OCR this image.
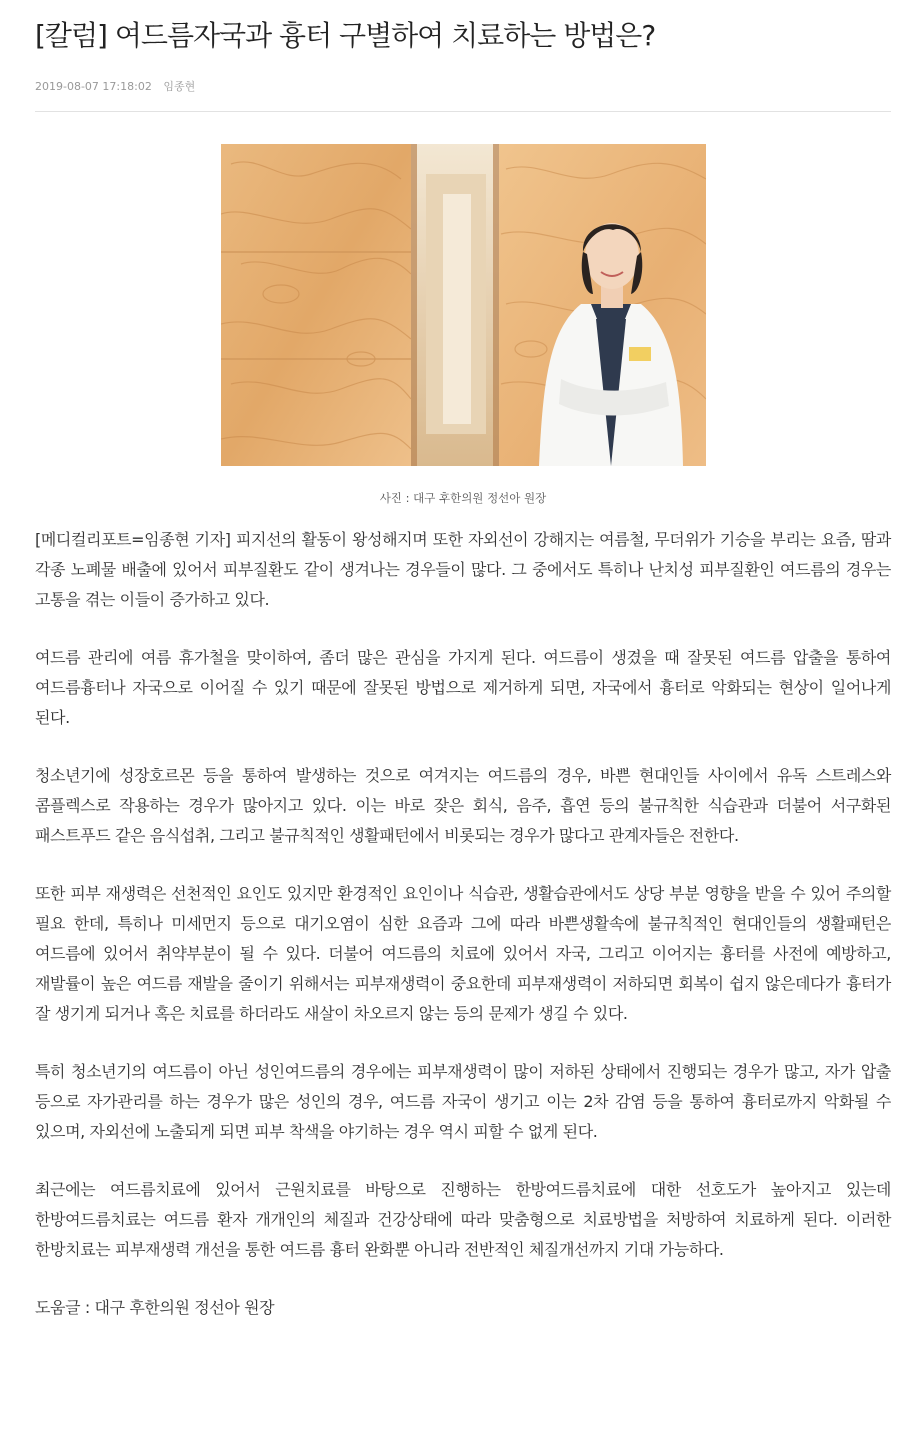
[칼럼] 여드름자국과 흉터 구별하여 치료하는 방법은?
2019-08-07 17:18:02 임종현
사진 : 대구 후한의원 정선아 원장

[메디컬리포트=임종현 기자] 피지선의 활동이 왕성해지며 또한 자외선이 강해지는 여름철, 무더위가 기승을 부리는 요즘, 땀과 각종 노폐물 배출에 있어서 피부질환도 같이 생겨나는 경우들이 많다. 그 중에서도 특히나 난치성 피부질환인 여드름의 경우는 고통을 겪는 이들이 증가하고 있다.

여드름 관리에 여름 휴가철을 맞이하여, 좀더 많은 관심을 가지게 된다. 여드름이 생겼을 때 잘못된 여드름 압출을 통하여 여드름흉터나 자국으로 이어질 수 있기 때문에 잘못된 방법으로 제거하게 되면, 자국에서 흉터로 악화되는 현상이 일어나게 된다.

청소년기에 성장호르몬 등을 통하여 발생하는 것으로 여겨지는 여드름의 경우, 바쁜 현대인들 사이에서 유독 스트레스와 콤플렉스로 작용하는 경우가 많아지고 있다. 이는 바로 잦은 회식, 음주, 흡연 등의 불규칙한 식습관과 더불어 서구화된 패스트푸드 같은 음식섭취, 그리고 불규칙적인 생활패턴에서 비롯되는 경우가 많다고 관계자들은 전한다.

또한 피부 재생력은 선천적인 요인도 있지만 환경적인 요인이나 식습관, 생활습관에서도 상당 부분 영향을 받을 수 있어 주의할 필요 한데, 특히나 미세먼지 등으로 대기오염이 심한 요즘과 그에 따라 바쁜생활속에 불규칙적인 현대인들의 생활패턴은 여드름에 있어서 취약부분이 될 수 있다. 더불어 여드름의 치료에 있어서 자국, 그리고 이어지는 흉터를 사전에 예방하고, 재발률이 높은 여드름 재발을 줄이기 위해서는 피부재생력이 중요한데 피부재생력이 저하되면 회복이 쉽지 않은데다가 흉터가 잘 생기게 되거나 혹은 치료를 하더라도 새살이 차오르지 않는 등의 문제가 생길 수 있다.

특히 청소년기의 여드름이 아닌 성인여드름의 경우에는 피부재생력이 많이 저하된 상태에서 진행되는 경우가 많고, 자가 압출 등으로 자가관리를 하는 경우가 많은 성인의 경우, 여드름 자국이 생기고 이는 2차 감염 등을 통하여 흉터로까지 악화될 수 있으며, 자외선에 노출되게 되면 피부 착색을 야기하는 경우 역시 피할 수 없게 된다.

최근에는 여드름치료에 있어서 근원치료를 바탕으로 진행하는 한방여드름치료에 대한 선호도가 높아지고 있는데 한방여드름치료는 여드름 환자 개개인의 체질과 건강상태에 따라 맞춤형으로 치료방법을 처방하여 치료하게 된다. 이러한 한방치료는 피부재생력 개선을 통한 여드름 흉터 완화뿐 아니라 전반적인 체질개선까지 기대 가능하다.

도움글 : 대구 후한의원 정선아 원장
